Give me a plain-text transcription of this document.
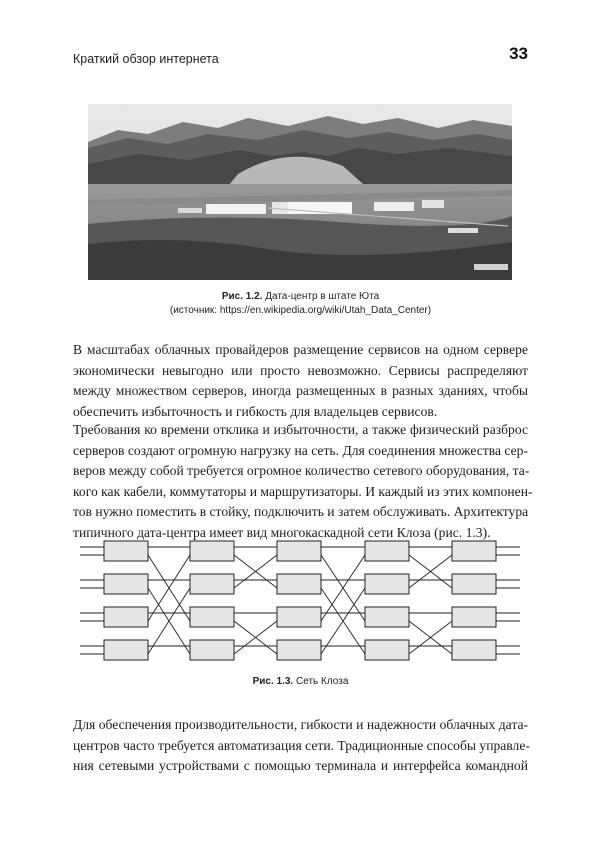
Краткий обзор интернета	33
Рис. 1.2. Дата-центр в штате Юта
(источник: https://en.wikipedia.org/wiki/Utah_Data_Center)

В масштабах облачных провайдеров размещение сервисов на одном сервере
экономически невыгодно или просто невозможно. Сервисы распределяют
между множеством серверов, иногда размещенных в разных зданиях, чтобы
обеспечить избыточность и гибкость для владельцев сервисов.

Требования ко времени отклика и избыточности, а также физический разброс
серверов создают огромную нагрузку на сеть. Для соединения множества сер-
веров между собой требуется огромное количество сетевого оборудования, та-
кого как кабели, коммутаторы и маршрутизаторы. И каждый из этих компонен-
тов нужно поместить в стойку, подключить и затем обслуживать. Архитектура
типичного дата-центра имеет вид многокаскадной сети Клоза (рис. 1.3).

Рис. 1.3. Сеть Клоза

Для обеспечения производительности, гибкости и надежности облачных дата-
центров часто требуется автоматизация сети. Традиционные способы управле-
ния сетевыми устройствами с помощью терминала и интерфейса командной
